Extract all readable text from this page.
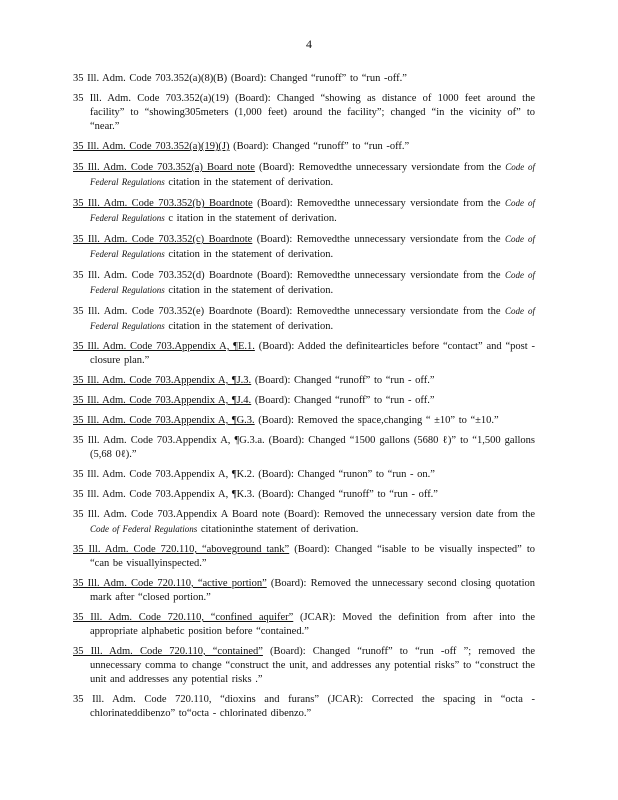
4

35 Ill. Adm. Code 703.352(a)(8)(B) (Board): Changed “runoff” to “run -off.”

35 Ill. Adm. Code 703.352(a)(19) (Board): Changed “showing as distance of 1000 feet around the facility” to “showing305meters (1,000 feet) around the facility”; changed “in the vicinity of” to “near.”

35 Ill. Adm. Code 703.352(a)(19)(J) (Board): Changed “runoff” to “run -off.”

35 Ill. Adm. Code 703.352(a) Board note (Board): Removedthe unnecessary versiondate from the Code of Federal Regulations citation in the statement of derivation.

35 Ill. Adm. Code 703.352(b) Boardnote (Board): Removedthe unnecessary versiondate from the Code of Federal Regulations c itation in the statement of derivation.

35 Ill. Adm. Code 703.352(c) Boardnote (Board): Removedthe unnecessary versiondate from the Code of Federal Regulations citation in the statement of derivation.

35 Ill. Adm. Code 703.352(d) Boardnote (Board): Removedthe unnecessary versiondate from the Code of Federal Regulations citation in the statement of derivation.

35 Ill. Adm. Code 703.352(e) Boardnote (Board): Removedthe unnecessary versiondate from the Code of Federal Regulations citation in the statement of derivation.

35 Ill. Adm. Code 703.Appendix A, ¶E.1. (Board): Added the definitearticles before “contact” and “post -closure plan.”

35 Ill. Adm. Code 703.Appendix A, ¶J.3. (Board): Changed “runoff” to “run - off.”

35 Ill. Adm. Code 703.Appendix A, ¶J.4. (Board): Changed “runoff” to “run - off.”

35 Ill. Adm. Code 703.Appendix A, ¶G.3. (Board): Removed the space,changing “ ±10” to “±10.”

35 Ill. Adm. Code 703.Appendix A, ¶G.3.a. (Board): Changed “1500 gallons (5680 ℓ)” to “1,500 gallons (5,68 0ℓ).”

35 Ill. Adm. Code 703.Appendix A, ¶K.2. (Board): Changed “runon” to “run - on.”

35 Ill. Adm. Code 703.Appendix A, ¶K.3. (Board): Changed “runoff” to “run - off.”

35 Ill. Adm. Code 703.Appendix A Board note (Board): Removed the unnecessary version date from the Code of Federal Regulations citationinthe statement of derivation.

35 Ill. Adm. Code 720.110, “aboveground tank” (Board): Changed “isable to be visually inspected” to “can be visuallyinspected.”

35 Ill. Adm. Code 720.110, “active portion” (Board): Removed the unnecessary second closing quotation mark after “closed portion.”

35 Ill. Adm. Code 720.110, “confined aquifer” (JCAR): Moved the definition from after into the appropriate alphabetic position before “contained.”

35 Ill. Adm. Code 720.110, “contained” (Board): Changed “runoff” to “run -off ”; removed the unnecessary comma to change “construct the unit, and addresses any potential risks” to “construct the unit and addresses any potential risks .”

35 Ill. Adm. Code 720.110, “dioxins and furans” (JCAR): Corrected the spacing in “octa - chlorinateddibenzo” to“octa - chlorinated dibenzo.”
